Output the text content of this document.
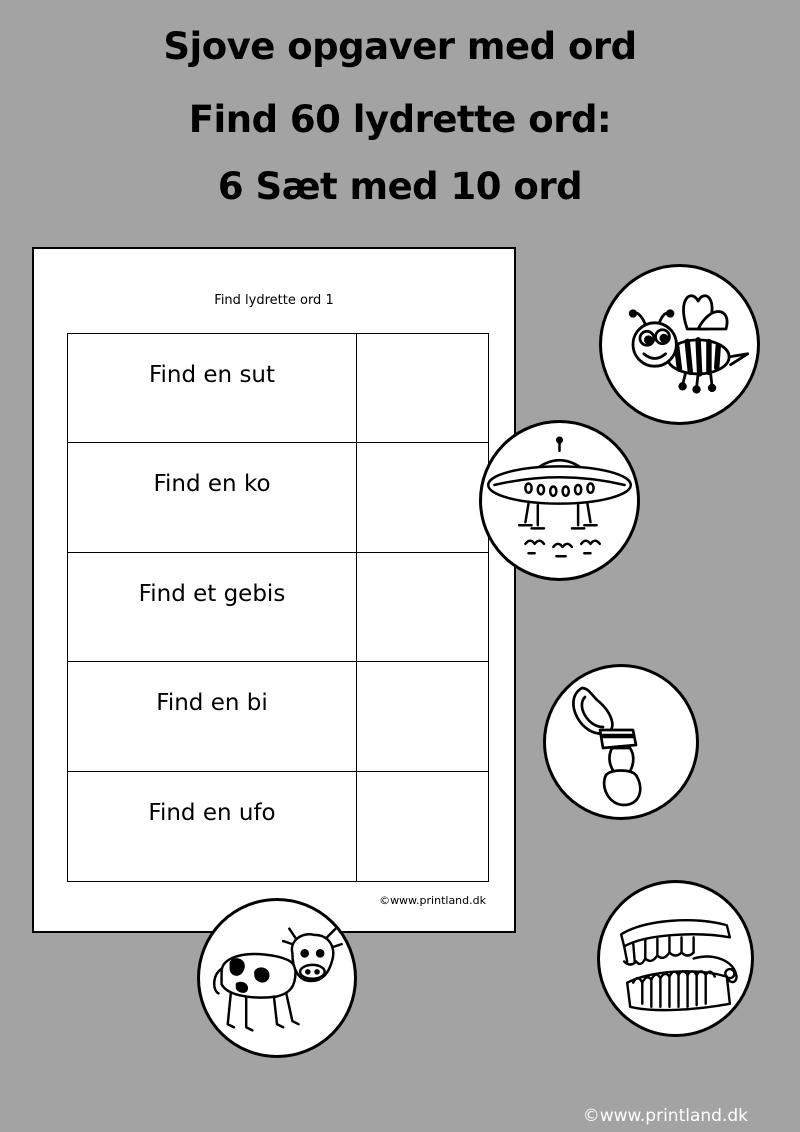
Sjove opgaver med ord
Find 60 lydrette ord:
6 Sæt med 10 ord
Find lydrette ord 1
Find en sut
Find en ko
Find et gebis
Find en bi
Find en ufo
©www.printland.dk
©www.printland.dk
